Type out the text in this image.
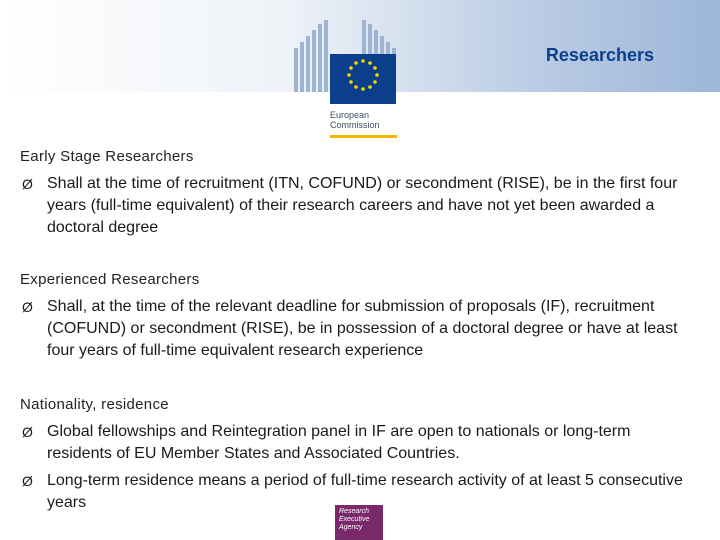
European
Commission
Researchers
Early Stage Researchers
Ø Shall at the time of recruitment (ITN, COFUND) or secondment (RISE), be in the first four years (full-time equivalent) of their research careers and have not yet been awarded a doctoral degree
Experienced Researchers
Ø Shall, at the time of the relevant deadline for submission of proposals (IF), recruitment (COFUND) or secondment (RISE), be in possession of a doctoral degree or have at least four years of full-time equivalent research experience
Nationality, residence
Ø Global fellowships and Reintegration panel in IF are open to nationals or long-term residents of EU Member States and Associated Countries.
Ø Long-term residence means a period of full-time research activity of at least 5 consecutive years
Research
Executive
Agency
